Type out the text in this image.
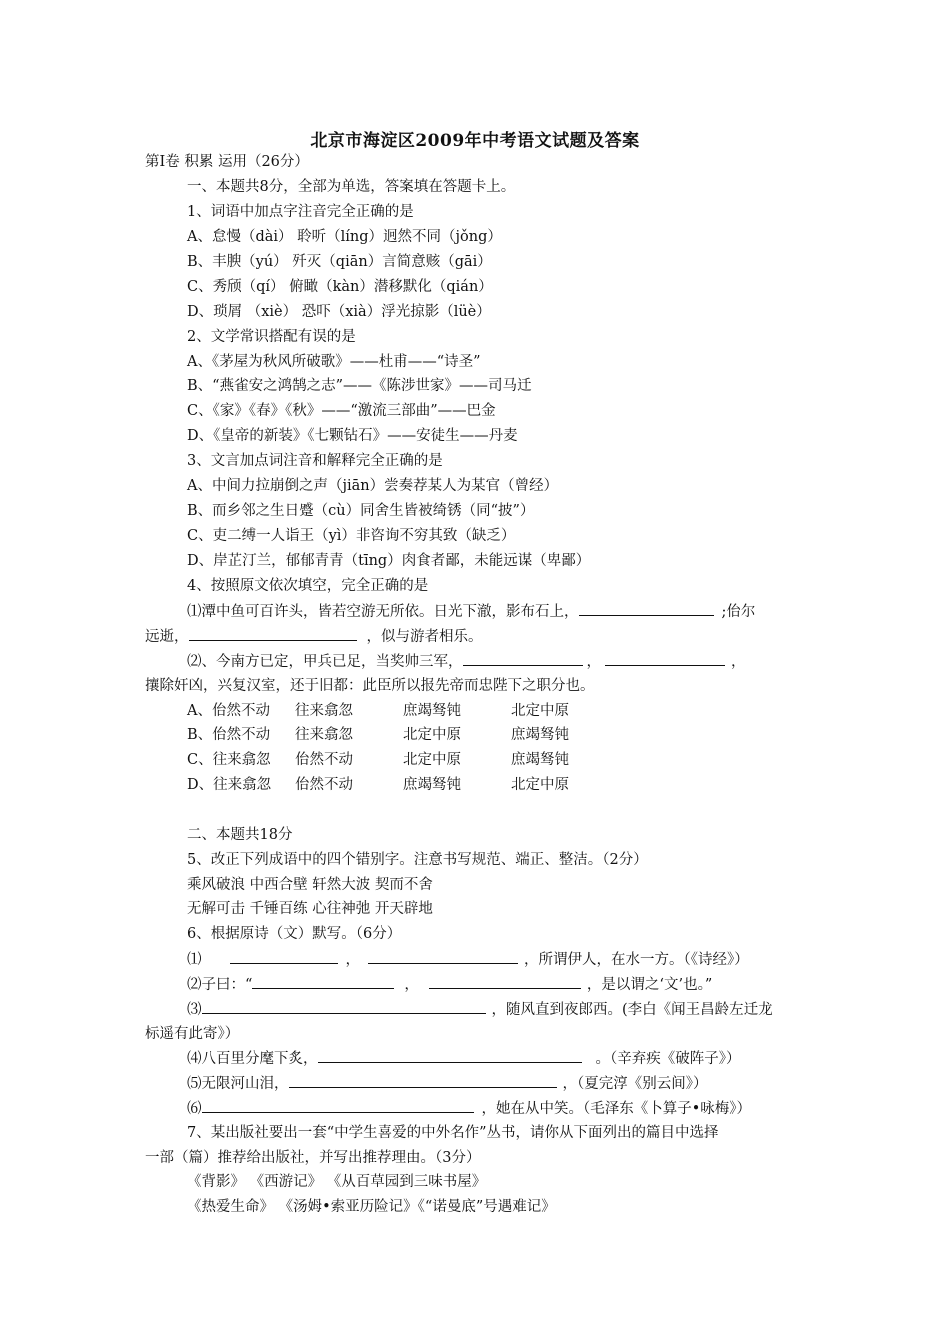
北京市海淀区2009年中考语文试题及答案
第Ⅰ卷 积累 运用（26分）
一、本题共8分，全部为单选，答案填在答题卡上。
1、词语中加点字注音完全正确的是
A、怠慢（dài） 聆听（líng）迥然不同（jǒng）
B、丰腴（yú） 歼灭（qiān）言简意赅（gāi）
C、秀颀（qí） 俯瞰（kàn）潜移默化（qián）
D、琐屑 （xiè） 恐吓（xià）浮光掠影（lüè）
2、文学常识搭配有误的是
A、《茅屋为秋风所破歌》——杜甫——“诗圣”
B、“燕雀安之鸿鹄之志”——《陈涉世家》——司马迁
C、《家》《春》《秋》——“激流三部曲”——巴金
D、《皇帝的新装》《七颗钻石》——安徒生——丹麦
3、文言加点词注音和解释完全正确的是
A、中间力拉崩倒之声（jiān）尝奏荐某人为某官（曾经）
B、而乡邻之生日蹙（cù）同舍生皆被绮锈（同“披”）
C、吏二缚一人诣王（yì）非咨询不穷其致（缺乏）
D、岸芷汀兰，郁郁青青（tīng）肉食者鄙，未能远谋（卑鄙）
4、按照原文依次填空，完全正确的是
⑴潭中鱼可百许头，皆若空游无所依。日光下澈，影布石上，	;佁尔
远逝，	，似与游者相乐。
⑵、今南方已定，甲兵已足，当奖帅三军，	，	，
攘除奸凶，兴复汉室，还于旧都：此臣所以报先帝而忠陛下之职分也。
A、佁然不动 往来翕忽	庶竭驽钝	北定中原
B、佁然不动 往来翕忽	北定中原	庶竭驽钝
C、往来翕忽 佁然不动	北定中原	庶竭驽钝
D、往来翕忽 佁然不动	庶竭驽钝	北定中原
二、本题共18分
5、改正下列成语中的四个错别字。注意书写规范、端正、整洁。（2分）
乘风破浪 中西合壁 轩然大波 契而不舍
无解可击 千锤百练 心往神弛 开天辟地
6、根据原诗（文）默写。（6分）
⑴	，	，所谓伊人，在水一方。（《诗经》）
⑵子曰：“	，	，是以谓之‘文’也。”
⑶	，随风直到夜郎西。(李白《闻王昌龄左迁龙
标遥有此寄》）
⑷八百里分麾下炙，	。（辛弃疾《破阵子》）
⑸无限河山泪，	，（夏完淳《别云间》）
⑹	，她在从中笑。（毛泽东《卜算子•咏梅》）
7、某出版社要出一套“中学生喜爱的中外名作”丛书，请你从下面列出的篇目中选择
一部（篇）推荐给出版社，并写出推荐理由。（3分）
《背影》 《西游记》 《从百草园到三味书屋》
《热爱生命》 《汤姆•索亚历险记》《“诺曼底”号遇难记》
